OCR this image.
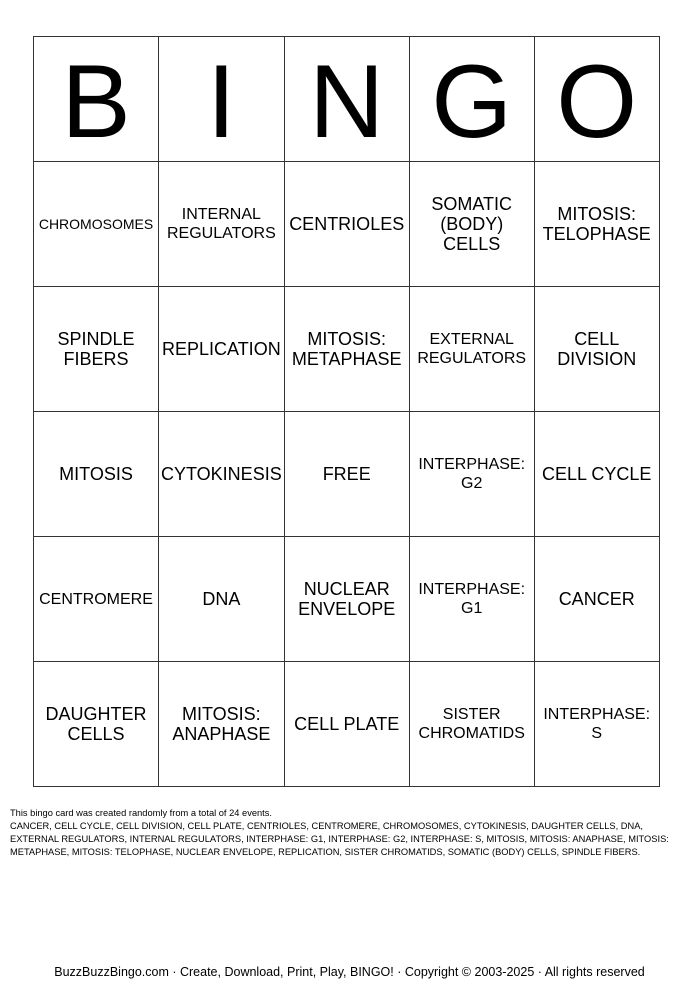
B	I	N	G	O
CHROMOSOMES	INTERNAL REGULATORS	CENTRIOLES	SOMATIC (BODY) CELLS	MITOSIS: TELOPHASE
SPINDLE FIBERS	REPLICATION	MITOSIS: METAPHASE	EXTERNAL REGULATORS	CELL DIVISION
MITOSIS	CYTOKINESIS	FREE	INTERPHASE: G2	CELL CYCLE
CENTROMERE	DNA	NUCLEAR ENVELOPE	INTERPHASE: G1	CANCER
DAUGHTER CELLS	MITOSIS: ANAPHASE	CELL PLATE	SISTER CHROMATIDS	INTERPHASE: S

This bingo card was created randomly from a total of 24 events.

CANCER, CELL CYCLE, CELL DIVISION, CELL PLATE, CENTRIOLES, CENTROMERE, CHROMOSOMES, CYTOKINESIS, DAUGHTER CELLS, DNA, EXTERNAL REGULATORS, INTERNAL REGULATORS, INTERPHASE: G1, INTERPHASE: G2, INTERPHASE: S, MITOSIS, MITOSIS: ANAPHASE, MITOSIS: METAPHASE, MITOSIS: TELOPHASE, NUCLEAR ENVELOPE, REPLICATION, SISTER CHROMATIDS, SOMATIC (BODY) CELLS, SPINDLE FIBERS.

BuzzBuzzBingo.com · Create, Download, Print, Play, BINGO! · Copyright © 2003-2025 · All rights reserved
